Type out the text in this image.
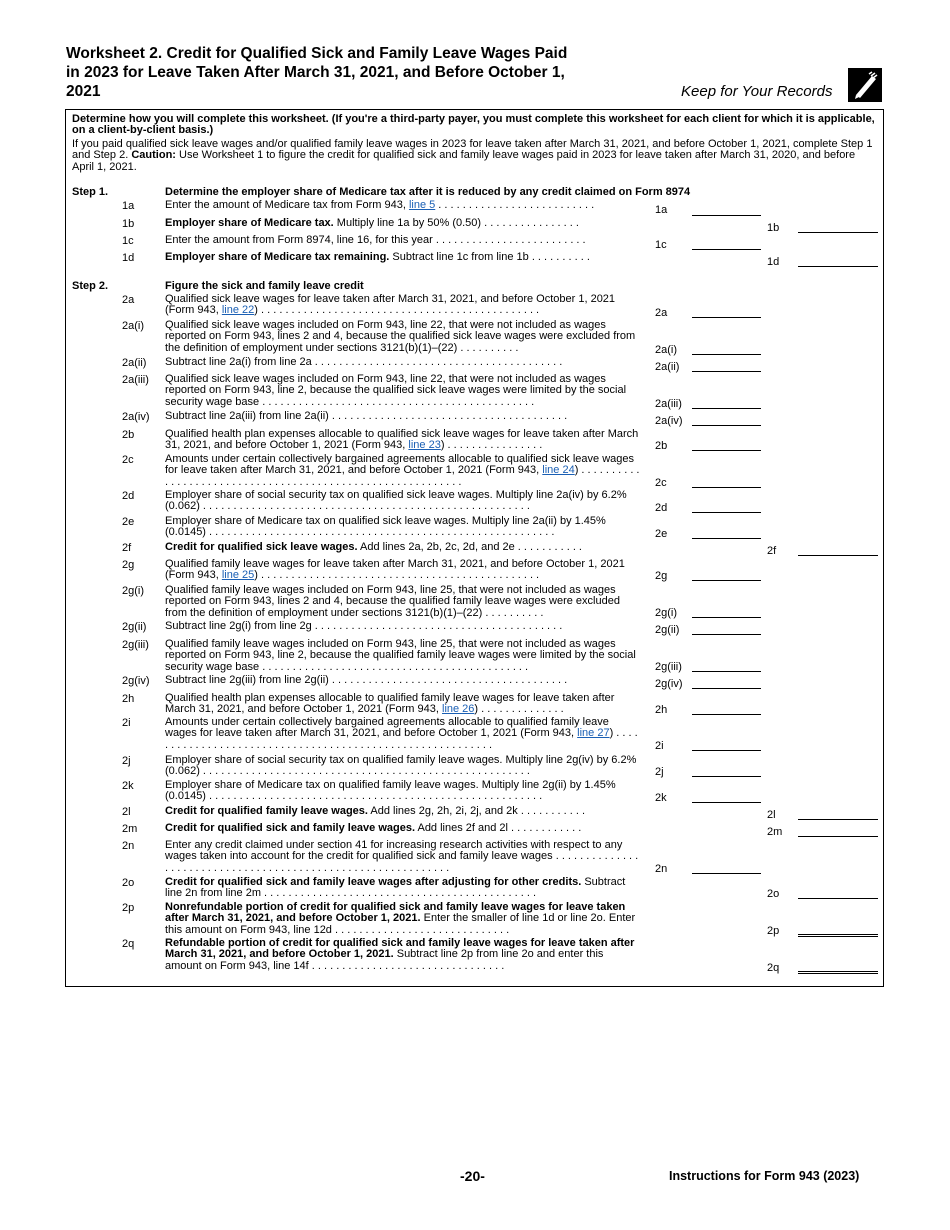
Worksheet 2. Credit for Qualified Sick and Family Leave Wages Paid
in 2023 for Leave Taken After March 31, 2021, and Before October 1,
2021	Keep for Your Records

Determine how you will complete this worksheet. (If you're a third-party payer, you must complete this worksheet for each client for which it is applicable, on a client-by-client basis.)

If you paid qualified sick leave wages and/or qualified family leave wages in 2023 for leave taken after March 31, 2021, and before October 1, 2021, complete Step 1 and Step 2. Caution: Use Worksheet 1 to figure the credit for qualified sick and family leave wages paid in 2023 for leave taken after March 31, 2020, and before April 1, 2021.

Step 1.	Determine the employer share of Medicare tax after it is reduced by any credit claimed on Form 8974
1a	Enter the amount of Medicare tax from Form 943, line 5 . . . . . . . . . . . . . . . . . . . . . . . . . .	1a
1b	Employer share of Medicare tax. Multiply line 1a by 50% (0.50) . . . . . . . . . . . . . . . .	1b
1c	Enter the amount from Form 8974, line 16, for this year . . . . . . . . . . . . . . . . . . . . . . . . .	1c
1d	Employer share of Medicare tax remaining. Subtract line 1c from line 1b . . . . . . . . . .	1d
Step 2.	Figure the sick and family leave credit
2a	Qualified sick leave wages for leave taken after March 31, 2021, and before October 1, 2021 (Form 943, line 22) . . . . . . . . . . . . . . . . . . . . . . . . . . . . . . . . . . . . . . . . . . . . . .	2a
2a(i) Qualified sick leave wages included on Form 943, line 22, that were not included as wages reported on Form 943, lines 2 and 4, because the qualified sick leave wages were excluded from the definition of employment under sections 3121(b)(1)–(22) . . . . . . . . . .	2a(i)
2a(ii) Subtract line 2a(i) from line 2a . . . . . . . . . . . . . . . . . . . . . . . . . . . . . . . . . . . . . . . . .	2a(ii)
2a(iii) Qualified sick leave wages included on Form 943, line 22, that were not included as wages reported on Form 943, line 2, because the qualified sick leave wages were limited by the social security wage base . . . . . . . . . . . . . . . . . . . . . . . . . . . . . . . . . . . . . . . . . . . . .	2a(iii)
2a(iv) Subtract line 2a(iii) from line 2a(ii) . . . . . . . . . . . . . . . . . . . . . . . . . . . . . . . . . . . . . . .	2a(iv)
2b	Qualified health plan expenses allocable to qualified sick leave wages for leave taken after March 31, 2021, and before October 1, 2021 (Form 943, line 23) . . . . . . . . . . . . . . . .	2b
2c	Amounts under certain collectively bargained agreements allocable to qualified sick leave wages for leave taken after March 31, 2021, and before October 1, 2021 (Form 943, line 24) . . . . . . . . . . . . . . . . . . . . . . . . . . . . . . . . . . . . . . . . . . . . . . . . . . . . . . . . . . .	2c
2d	Employer share of social security tax on qualified sick leave wages. Multiply line 2a(iv) by 6.2% (0.062) . . . . . . . . . . . . . . . . . . . . . . . . . . . . . . . . . . . . . . . . . . . . . . . . . . . . . .	2d
2e	Employer share of Medicare tax on qualified sick leave wages. Multiply line 2a(ii) by 1.45% (0.0145) . . . . . . . . . . . . . . . . . . . . . . . . . . . . . . . . . . . . . . . . . . . . . . . . . . . . . . . . .	2e
2f	Credit for qualified sick leave wages. Add lines 2a, 2b, 2c, 2d, and 2e . . . . . . . . . . .	2f
2g	Qualified family leave wages for leave taken after March 31, 2021, and before October 1, 2021 (Form 943, line 25) . . . . . . . . . . . . . . . . . . . . . . . . . . . . . . . . . . . . . . . . . . . . . .	2g
2g(i) Qualified family leave wages included on Form 943, line 25, that were not included as wages reported on Form 943, lines 2 and 4, because the qualified family leave wages were excluded from the definition of employment under sections 3121(b)(1)–(22) . . . . . . . . . .	2g(i)
2g(ii) Subtract line 2g(i) from line 2g . . . . . . . . . . . . . . . . . . . . . . . . . . . . . . . . . . . . . . . . .	2g(ii)
2g(iii) Qualified family leave wages included on Form 943, line 25, that were not included as wages reported on Form 943, line 2, because the qualified family leave wages were limited by the social security wage base . . . . . . . . . . . . . . . . . . . . . . . . . . . . . . . . . . . . . . . . . . . .	2g(iii)
2g(iv) Subtract line 2g(iii) from line 2g(ii) . . . . . . . . . . . . . . . . . . . . . . . . . . . . . . . . . . . . . . .	2g(iv)
2h	Qualified health plan expenses allocable to qualified family leave wages for leave taken after March 31, 2021, and before October 1, 2021 (Form 943, line 26) . . . . . . . . . . . . . .	2h
2i	Amounts under certain collectively bargained agreements allocable to qualified family leave wages for leave taken after March 31, 2021, and before October 1, 2021 (Form 943, line 27) . . . . . . . . . . . . . . . . . . . . . . . . . . . . . . . . . . . . . . . . . . . . . . . . . . . . . . . . . .	2i
2j	Employer share of social security tax on qualified family leave wages. Multiply line 2g(iv) by 6.2% (0.062) . . . . . . . . . . . . . . . . . . . . . . . . . . . . . . . . . . . . . . . . . . . . . . . . . . . . . .	2j
2k	Employer share of Medicare tax on qualified family leave wages. Multiply line 2g(ii) by 1.45% (0.0145) . . . . . . . . . . . . . . . . . . . . . . . . . . . . . . . . . . . . . . . . . . . . . . . . . . . . . . .	2k
2l	Credit for qualified family leave wages. Add lines 2g, 2h, 2i, 2j, and 2k . . . . . . . . . . .	2l
2m	Credit for qualified sick and family leave wages. Add lines 2f and 2l . . . . . . . . . . . .	2m
2n	Enter any credit claimed under section 41 for increasing research activities with respect to any wages taken into account for the credit for qualified sick and family leave wages . . . . . . . . . . . . . . . . . . . . . . . . . . . . . . . . . . . . . . . . . . . . . . . . . . . . . . . . . . . . .	2n
2o	Credit for qualified sick and family leave wages after adjusting for other credits. Subtract line 2n from line 2m . . . . . . . . . . . . . . . . . . . . . . . . . . . . . . . . . . . . . . . . . . . . .	2o
2p	Nonrefundable portion of credit for qualified sick and family leave wages for leave taken after March 31, 2021, and before October 1, 2021. Enter the smaller of line 1d or line 2o. Enter this amount on Form 943, line 12d . . . . . . . . . . . . . . . . . . . . . . . . . . . . .	2p
2q	Refundable portion of credit for qualified sick and family leave wages for leave taken after March 31, 2021, and before October 1, 2021. Subtract line 2p from line 2o and enter this amount on Form 943, line 14f . . . . . . . . . . . . . . . . . . . . . . . . . . . . . . . .	2q
-20-	Instructions for Form 943 (2023)
